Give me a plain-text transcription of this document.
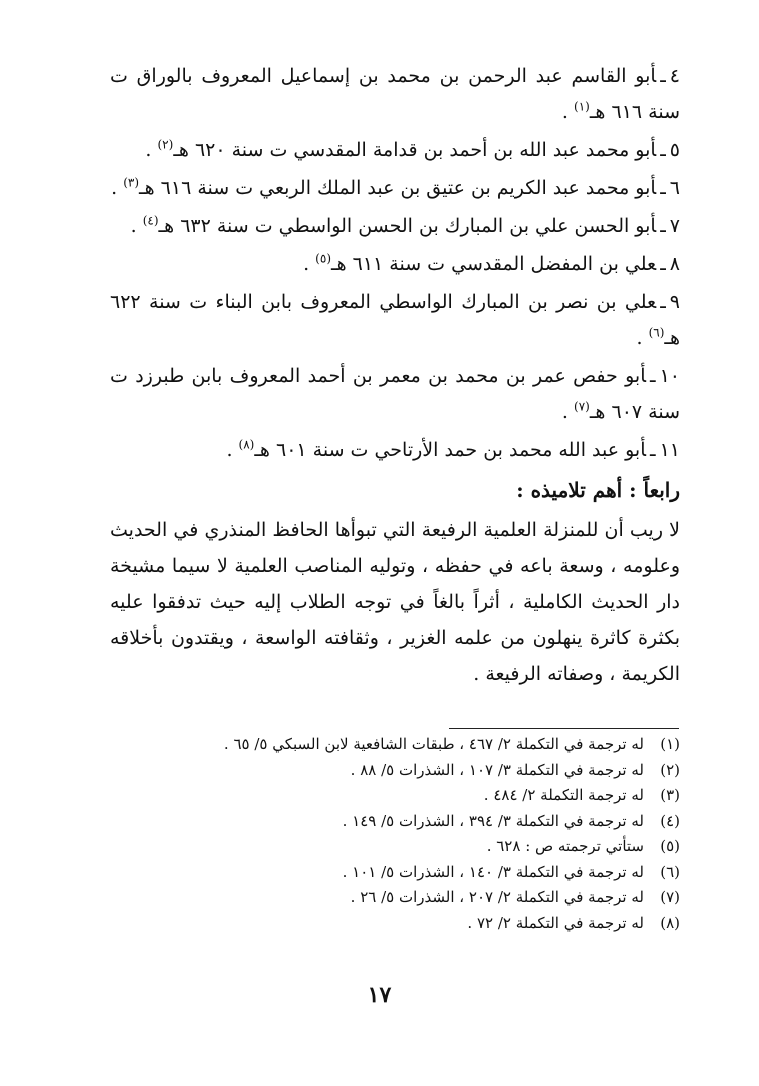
٤ـأبو القاسم عبد الرحمن بن محمد بن إسماعيل المعروف بالوراق ت سنة ٦١٦ هـ$^{(١)}$ .

٥ـأبو محمد عبد الله بن أحمد بن قدامة المقدسي ت سنة ٦٢٠ هـ$^{(٢)}$ .

٦ـأبو محمد عبد الكريم بن عتيق بن عبد الملك الربعي ت سنة ٦١٦ هـ$^{(٣)}$ .

٧ـأبو الحسن علي بن المبارك بن الحسن الواسطي ت سنة ٦٣٢ هـ$^{(٤)}$ .

٨ـعلي بن المفضل المقدسي ت سنة ٦١١ هـ$^{(٥)}$ .

٩ـعلي بن نصر بن المبارك الواسطي المعروف بابن البناء ت سنة ٦٢٢ هـ$^{(٦)}$ .

١٠ـأبو حفص عمر بن محمد بن معمر بن أحمد المعروف بابن طبرزد ت سنة ٦٠٧ هـ$^{(٧)}$ .

١١ـأبو عبد الله محمد بن حمد الأرتاحي ت سنة ٦٠١ هـ$^{(٨)}$ .

رابعاً : أهم تلاميذه :

لا ريب أن للمنزلة العلمية الرفيعة التي تبوأها الحافظ المنذري في الحديث وعلومه ، وسعة باعه في حفظه ، وتوليه المناصب العلمية لا سيما مشيخة دار الحديث الكاملية ، أثراً بالغاً في توجه الطلاب إليه حيث تدفقوا عليه بكثرة كاثرة ينهلون من علمه الغزير ، وثقافته الواسعة ، ويقتدون بأخلاقه الكريمة ، وصفاته الرفيعة .

(١)
له ترجمة في التكملة ٢/ ٤٦٧ ، طبقات الشافعية لابن السبكي ٥/ ٦٥ .
(٢)
له ترجمة في التكملة ٣/ ١٠٧ ، الشذرات ٥/ ٨٨ .
(٣)
له ترجمة التكملة ٢/ ٤٨٤ .
(٤)
له ترجمة في التكملة ٣/ ٣٩٤ ، الشذرات ٥/ ١٤٩ .
(٥)
ستأتي ترجمته ص : ٦٢٨ .
(٦)
له ترجمة في التكملة ٣/ ١٤٠ ، الشذرات ٥/ ١٠١ .
(٧)
له ترجمة في التكملة ٢/ ٢٠٧ ، الشذرات ٥/ ٢٦ .
(٨)
له ترجمة في التكملة ٢/ ٧٢ .
١٧
